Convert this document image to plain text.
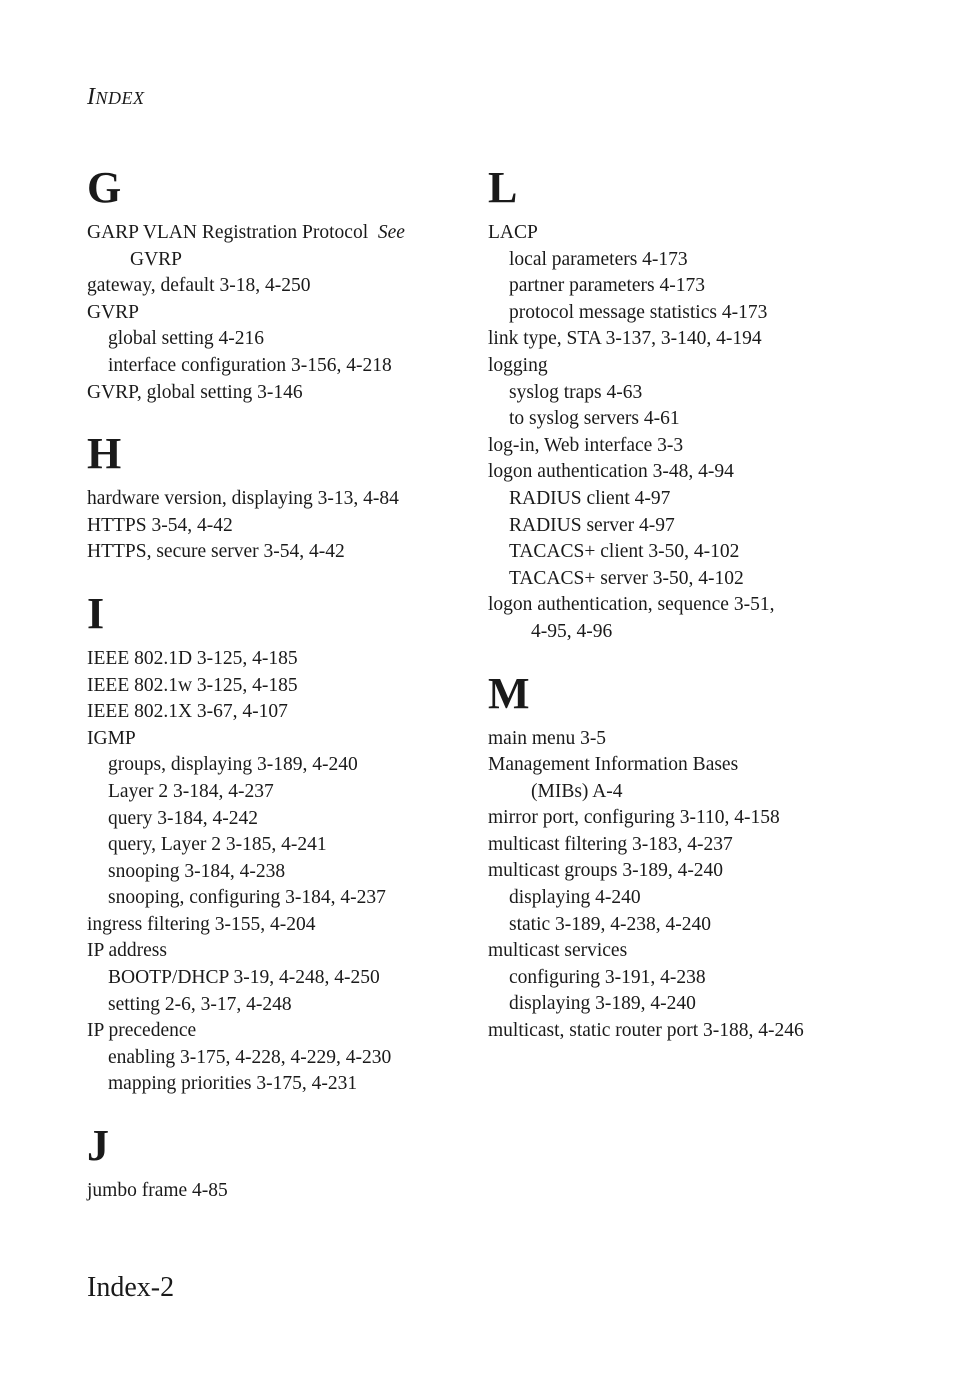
INDEX
G
GARP VLAN Registration Protocol See
GVRP
gateway, default 3-18, 4-250
GVRP
global setting 4-216
interface configuration 3-156, 4-218
GVRP, global setting 3-146
H
hardware version, displaying 3-13, 4-84
HTTPS 3-54, 4-42
HTTPS, secure server 3-54, 4-42
I
IEEE 802.1D 3-125, 4-185
IEEE 802.1w 3-125, 4-185
IEEE 802.1X 3-67, 4-107
IGMP
groups, displaying 3-189, 4-240
Layer 2 3-184, 4-237
query 3-184, 4-242
query, Layer 2 3-185, 4-241
snooping 3-184, 4-238
snooping, configuring 3-184, 4-237
ingress filtering 3-155, 4-204
IP address
BOOTP/DHCP 3-19, 4-248, 4-250
setting 2-6, 3-17, 4-248
IP precedence
enabling 3-175, 4-228, 4-229, 4-230
mapping priorities 3-175, 4-231
J
jumbo frame 4-85
L
LACP
local parameters 4-173
partner parameters 4-173
protocol message statistics 4-173
link type, STA 3-137, 3-140, 4-194
logging
syslog traps 4-63
to syslog servers 4-61
log-in, Web interface 3-3
logon authentication 3-48, 4-94
RADIUS client 4-97
RADIUS server 4-97
TACACS+ client 3-50, 4-102
TACACS+ server 3-50, 4-102
logon authentication, sequence 3-51,
4-95, 4-96
M
main menu 3-5
Management Information Bases
(MIBs) A-4
mirror port, configuring 3-110, 4-158
multicast filtering 3-183, 4-237
multicast groups 3-189, 4-240
displaying 4-240
static 3-189, 4-238, 4-240
multicast services
configuring 3-191, 4-238
displaying 3-189, 4-240
multicast, static router port 3-188, 4-246
Index-2
